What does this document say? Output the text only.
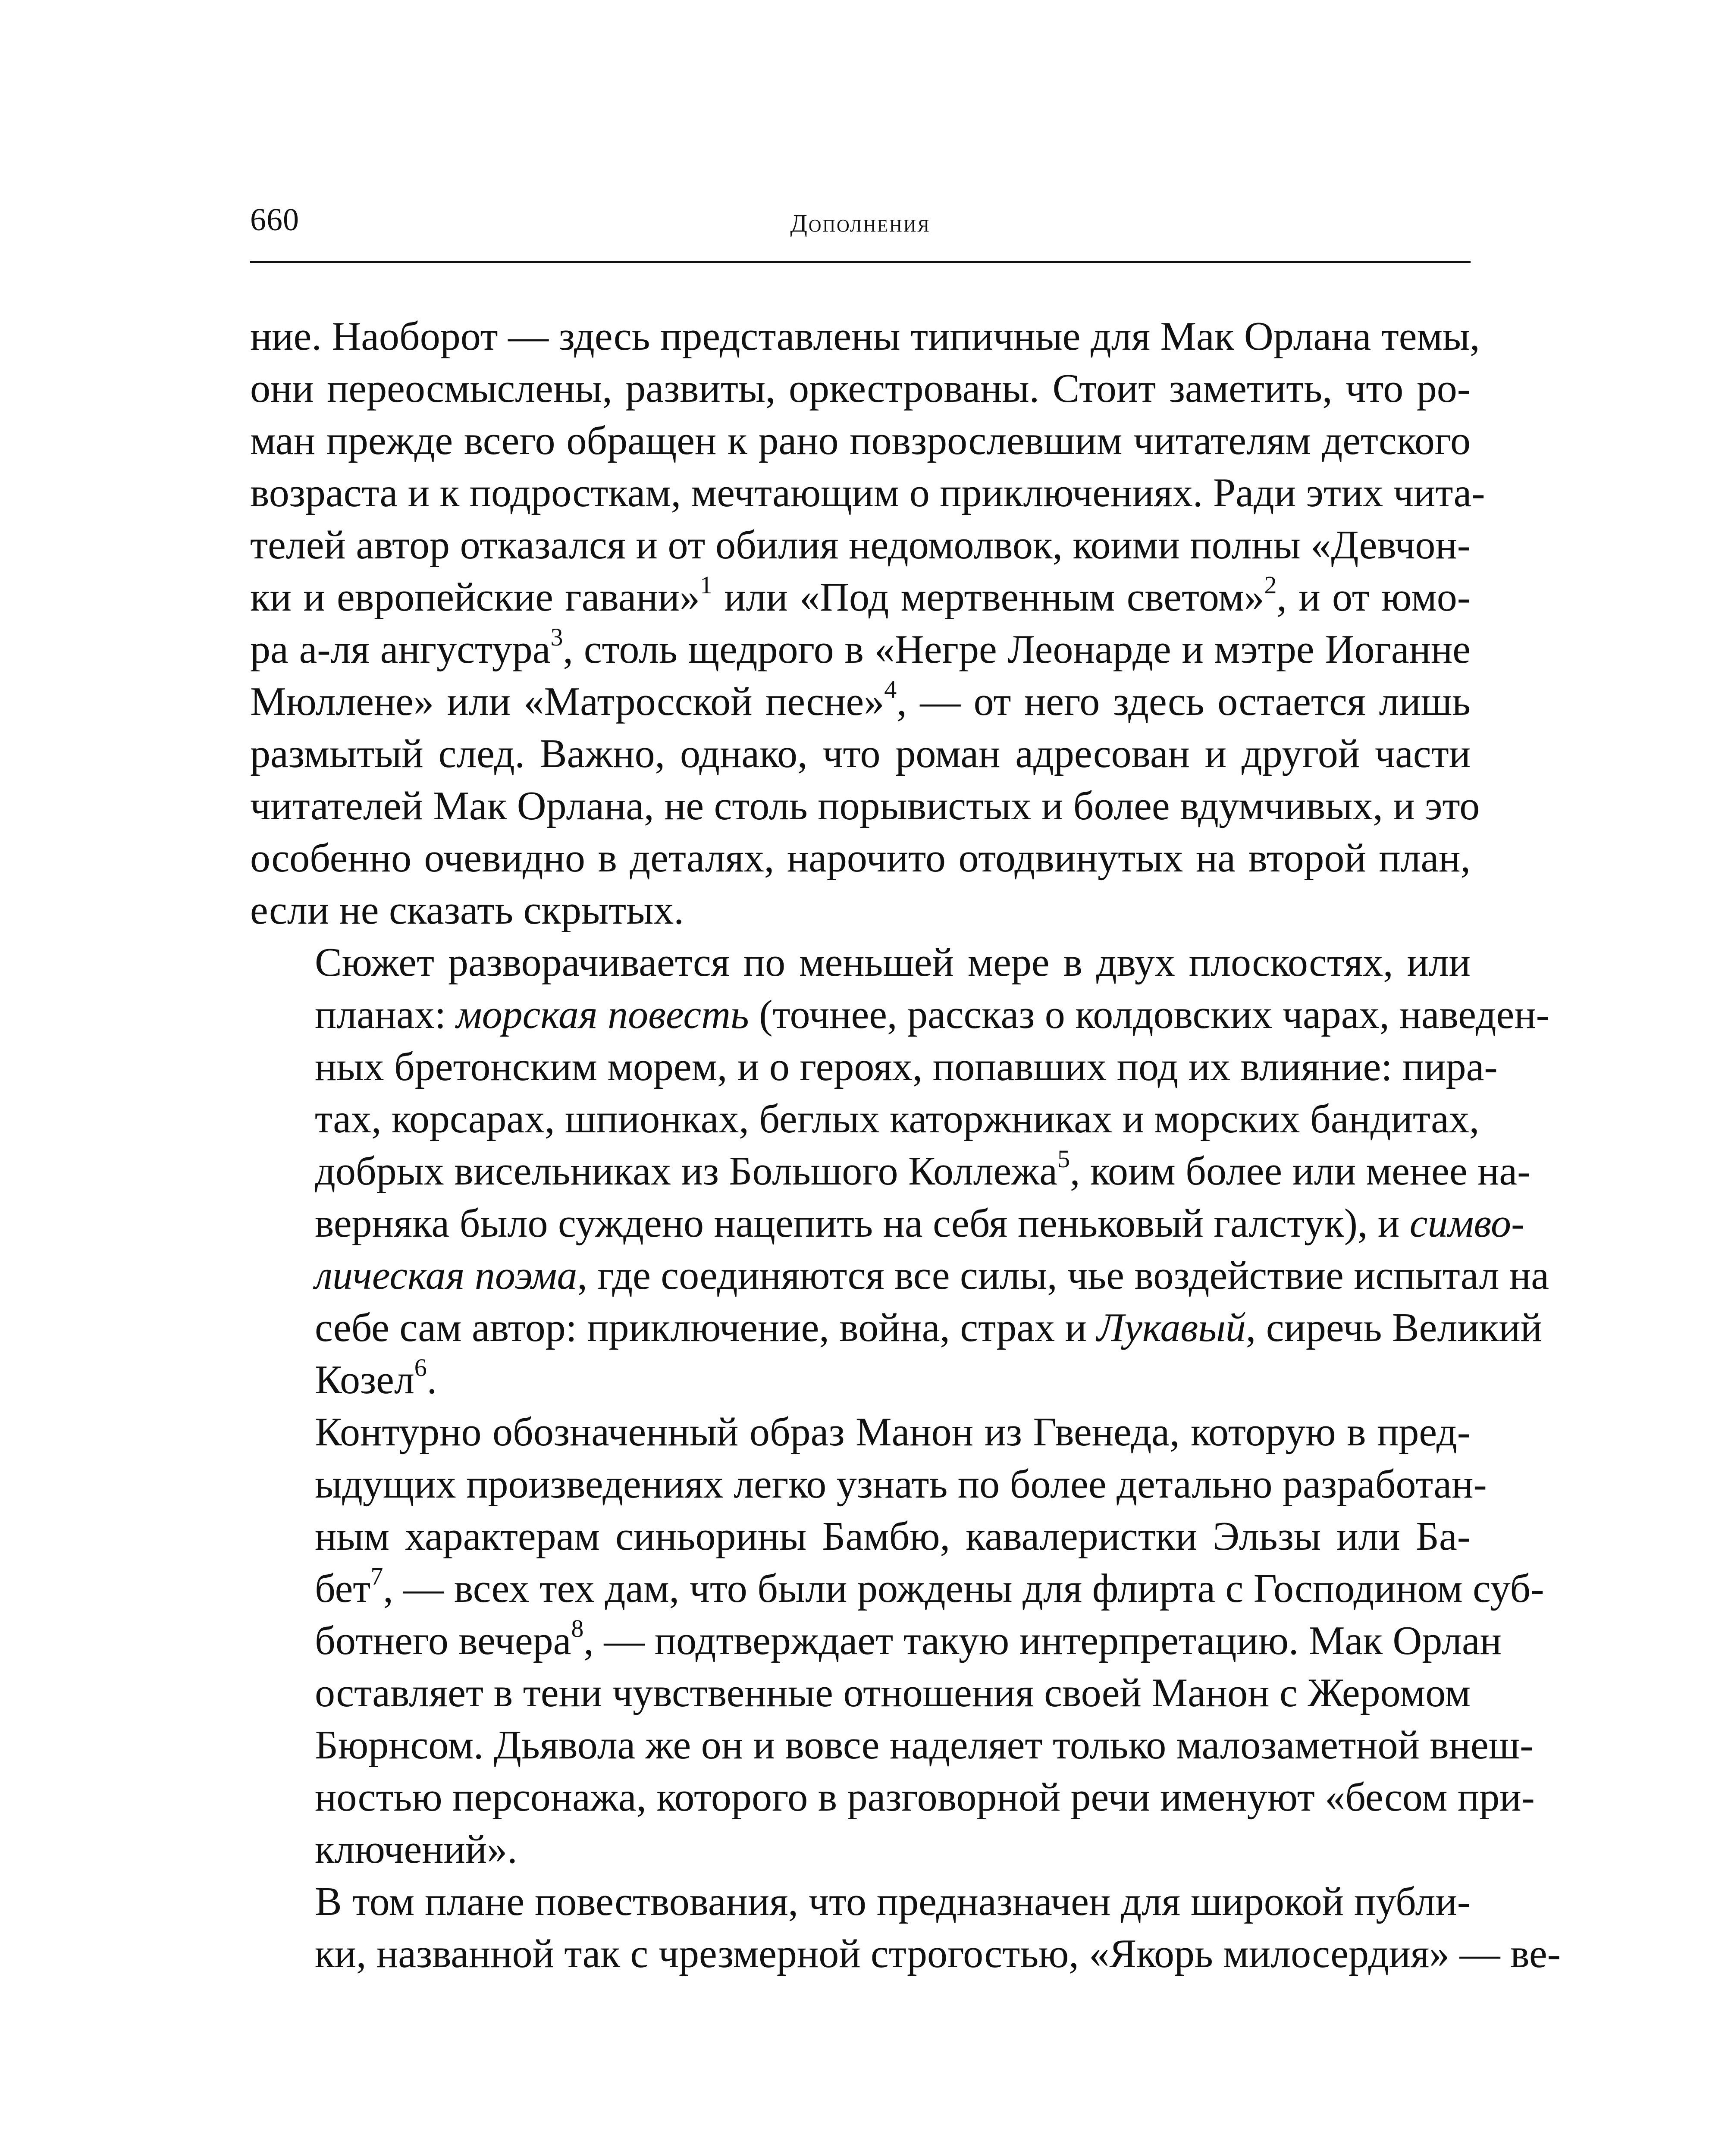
660	Дополнения

ние. Наоборот — здесь представлены типичные для Мак Орлана темы,
они переосмыслены, развиты, оркестрованы. Стоит заметить, что ро-
ман прежде всего обращен к рано повзрослевшим читателям детского
возраста и к подросткам, мечтающим о приключениях. Ради этих чита-
телей автор отказался и от обилия недомолвок, коими полны «Девчон-
ки и европейские гавани»$^1$ или «Под мертвенным светом»$^2$, и от юмо-
ра а-ля ангустура$^3$, столь щедрого в «Негре Леонарде и мэтре Иоганне
Мюллене» или «Матросской песне»$^4$, — от него здесь остается лишь
размытый след. Важно, однако, что роман адресован и другой части
читателей Мак Орлана, не столь порывистых и более вдумчивых, и это
особенно очевидно в деталях, нарочито отодвинутых на второй план,
если не сказать скрытых.

Сюжет разворачивается по меньшей мере в двух плоскостях, или
планах: морская повесть (точнее, рассказ о колдовских чарах, наведен-
ных бретонским морем, и о героях, попавших под их влияние: пира-
тах, корсарах, шпионках, беглых каторжниках и морских бандитах,
добрых висельниках из Большого Коллежа$^5$, коим более или менее на-
верняка было суждено нацепить на себя пеньковый галстук), и симво-
лическая поэма, где соединяются все силы, чье воздействие испытал на
себе сам автор: приключение, война, страх и Лукавый, сиречь Великий
Козел$^6$.

Контурно обозначенный образ Манон из Гвенеда, которую в пред-
ыдущих произведениях легко узнать по более детально разработан-
ным характерам синьорины Бамбю, кавалеристки Эльзы или Ба-
бет$^7$, — всех тех дам, что были рождены для флирта с Господином суб-
ботнего вечера$^8$, — подтверждает такую интерпретацию. Мак Орлан
оставляет в тени чувственные отношения своей Манон с Жеромом
Бюрнсом. Дьявола же он и вовсе наделяет только малозаметной внеш-
ностью персонажа, которого в разговорной речи именуют «бесом при-
ключений».

В том плане повествования, что предназначен для широкой публи-
ки, названной так с чрезмерной строгостью, «Якорь милосердия» — ве-
